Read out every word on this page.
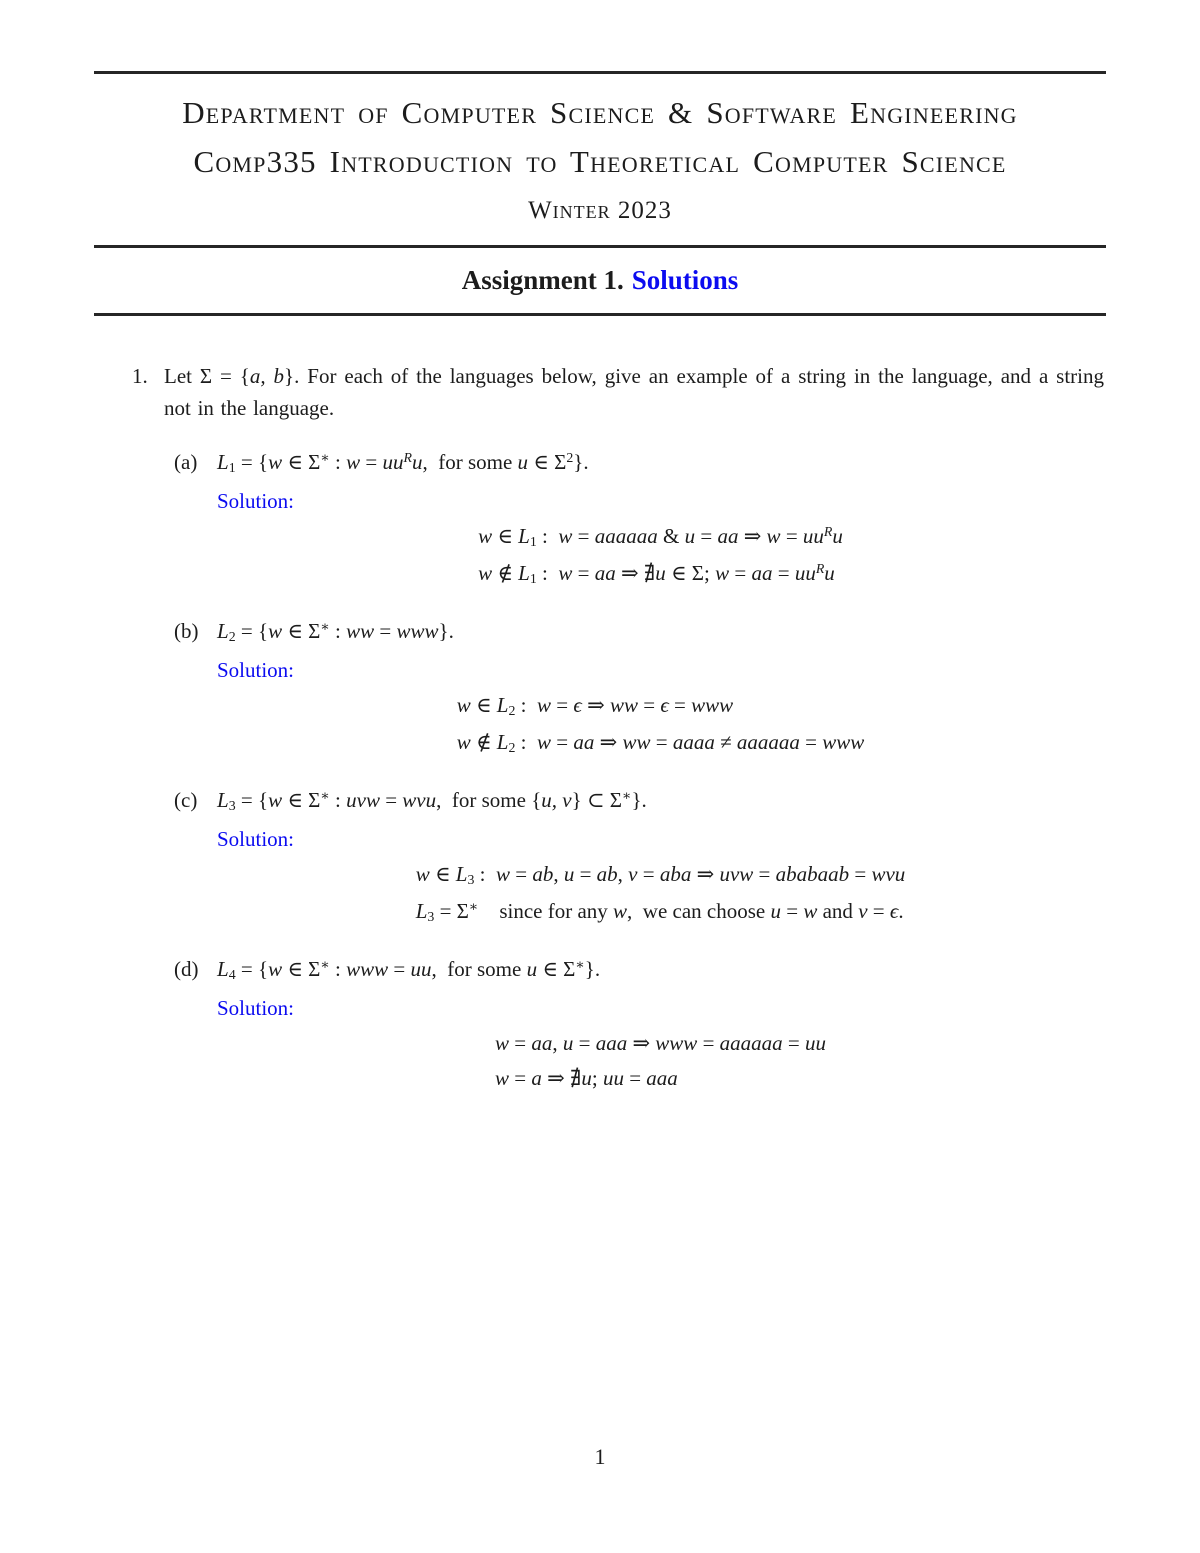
Department of Computer Science & Software Engineering
Comp335 Introduction to Theoretical Computer Science
Winter 2023
Assignment 1. Solutions
1. Let Σ = {a, b}. For each of the languages below, give an example of a string in the language, and a string not in the language.
(a) L1 = {w ∈ Σ∗ : $w = uu^Ru$,  for some u ∈ $\Sigma^2$}.
Solution:
w ∈ L1 :  w = aaaaaa & u = aa ⇒ $w = uu^Ru$
w ∉ L1 :  w = aa ⇒ ∄u ∈ Σ; w = aa = $uu^Ru$
(b) L2 = {w ∈ Σ∗ : ww = www}.
Solution:
w ∈ L2 :  w = ϵ ⇒ ww = ϵ = www
w ∉ L2 :  w = aa ⇒ ww = aaaa ≠ aaaaaa = www
(c) L3 = {w ∈ Σ∗ : uvw = wvu,  for some {u, v} ⊂ Σ∗}.
Solution:
w ∈ L3 :  w = ab, u = ab, v = aba ⇒ uvw = ababaab = wvu
L3 = Σ∗    since for any w,  we can choose u = w and v = ϵ.
(d) L4 = {w ∈ Σ∗ : www = uu,  for some u ∈ Σ∗}.
Solution:
w = aa, u = aaa ⇒ www = aaaaaa = uu
w = a ⇒ ∄u; uu = aaa
1
